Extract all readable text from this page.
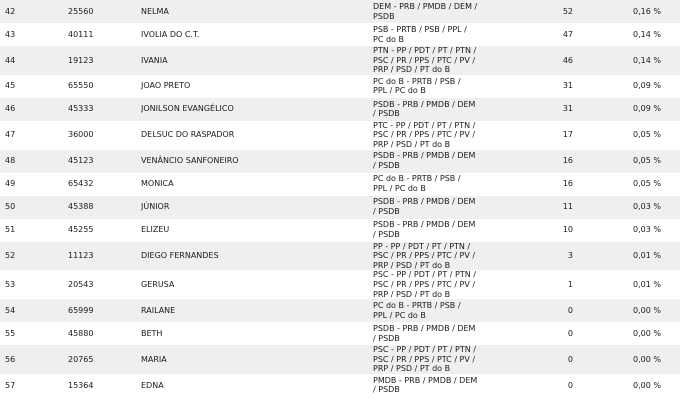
42	25560	NELMA	DEM - PRB / PMDB / DEM /
PSDB	52	0,16 %
43	40111	IVOLIA DO C.T.	PSB - PRTB / PSB / PPL /
PC do B	47	0,14 %
44	19123	IVANIA	PTN - PP / PDT / PT / PTN /
PSC / PR / PPS / PTC / PV /
PRP / PSD / PT do B	46	0,14 %
45	65550	JOAO PRETO	PC do B - PRTB / PSB /
PPL / PC do B	31	0,09 %
46	45333	JONILSON EVANGÉLICO	PSDB - PRB / PMDB / DEM
/ PSDB	31	0,09 %
47	36000	DELSUC DO RASPADOR	PTC - PP / PDT / PT / PTN /
PSC / PR / PPS / PTC / PV /
PRP / PSD / PT do B	17	0,05 %
48	45123	VENÂNCIO SANFONEIRO	PSDB - PRB / PMDB / DEM
/ PSDB	16	0,05 %
49	65432	MONICA	PC do B - PRTB / PSB /
PPL / PC do B	16	0,05 %
50	45388	JÚNIOR	PSDB - PRB / PMDB / DEM
/ PSDB	11	0,03 %
51	45255	ELIZEU	PSDB - PRB / PMDB / DEM
/ PSDB	10	0,03 %
52	11123	DIEGO FERNANDES	PP - PP / PDT / PT / PTN /
PSC / PR / PPS / PTC / PV /
PRP / PSD / PT do B	3	0,01 %
53	20543	GERUSA	PSC - PP / PDT / PT / PTN /
PSC / PR / PPS / PTC / PV /
PRP / PSD / PT do B	1	0,01 %
54	65999	RAILANE	PC do B - PRTB / PSB /
PPL / PC do B	0	0,00 %
55	45880	BETH	PSDB - PRB / PMDB / DEM
/ PSDB	0	0,00 %
56	20765	MARIA	PSC - PP / PDT / PT / PTN /
PSC / PR / PPS / PTC / PV /
PRP / PSD / PT do B	0	0,00 %
57	15364	EDNA	PMDB - PRB / PMDB / DEM
/ PSDB	0	0,00 %
